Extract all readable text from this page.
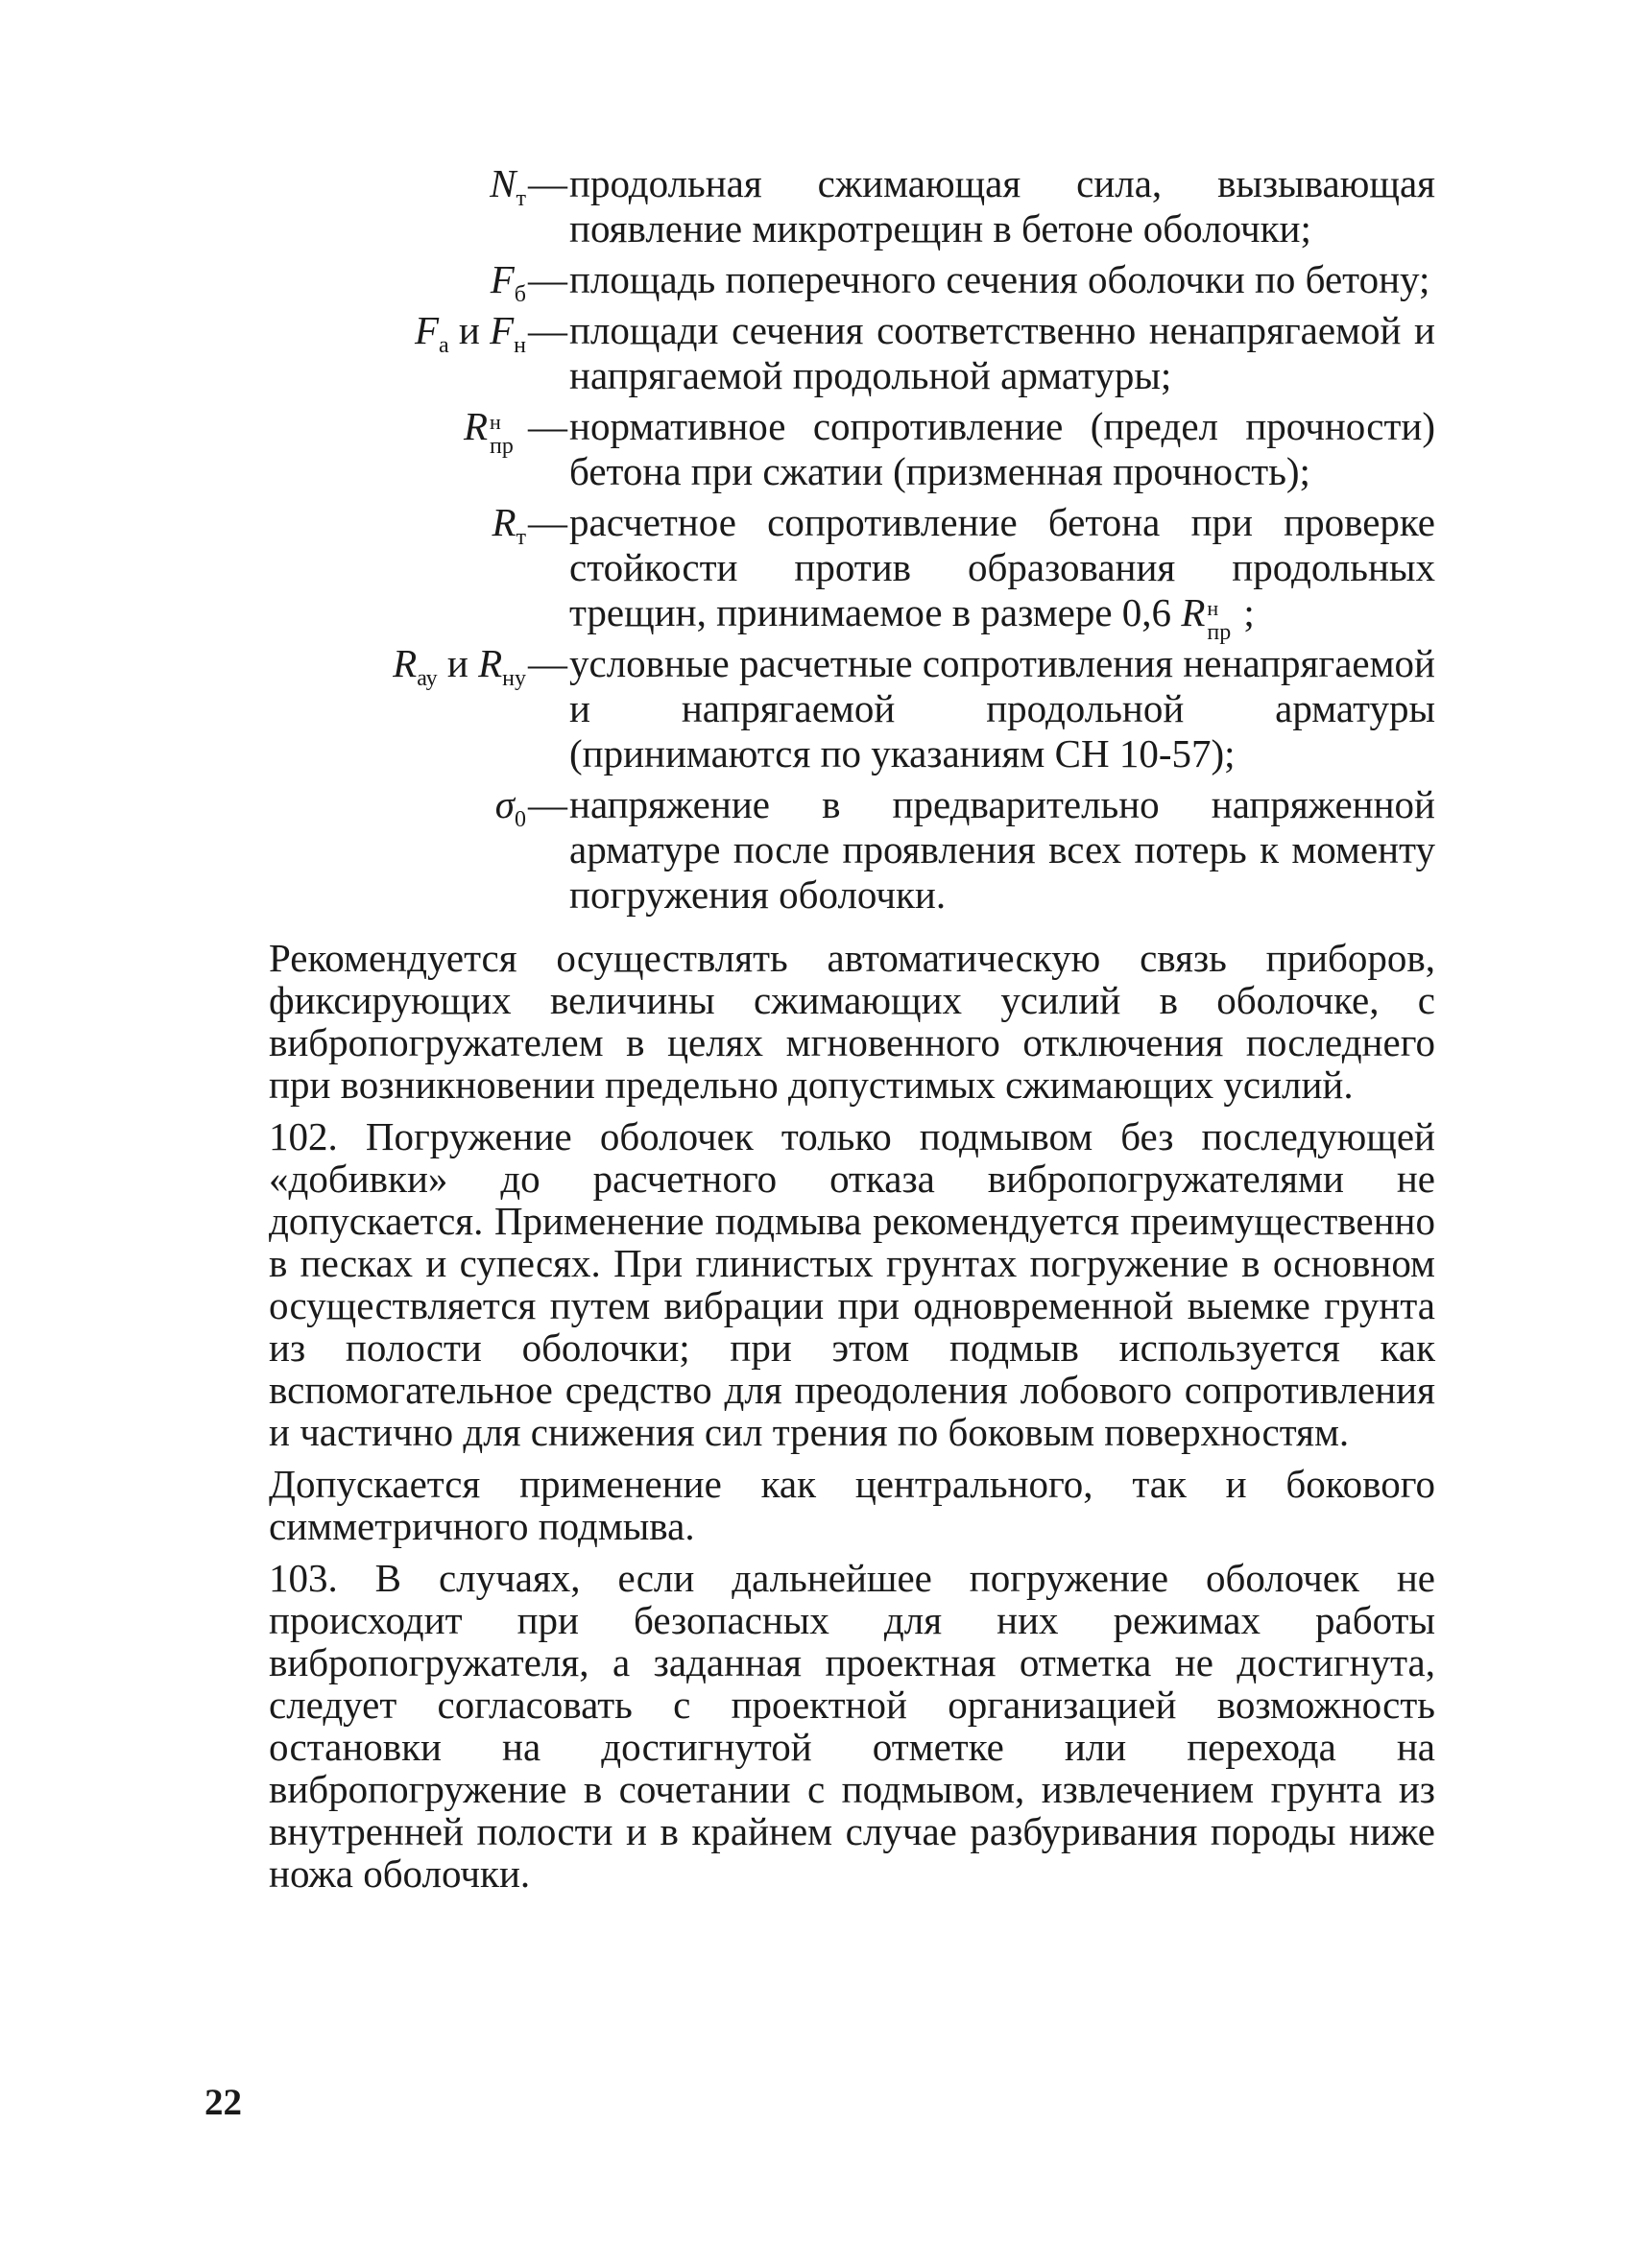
$N_т$ — продольная сжимающая сила, вызывающая появление микротрещин в бетоне оболочки;
$F_б$ — площадь поперечного сечения оболочки по бетону;
$F_а$ и $F_н$ — площади сечения соответственно ненапрягаемой и напрягаемой продольной арматуры;
R н
пр — нормативное сопротивление (предел прочности) бетона при сжатии (призменная прочность);
$R_т$ — расчетное сопротивление бетона при проверке стойкости против образования продольных трещин, принимаемое в размере 0,6 R н
пр ;
$R_{ау}$ и $R_{ну}$ — условные расчетные сопротивления ненапрягаемой и напрягаемой продольной арматуры (принимаются по указаниям СН 10-57);
$\sigma_0$ — напряжение в предварительно напряженной арматуре после проявления всех потерь к моменту погружения оболочки.

Рекомендуется осуществлять автоматическую связь приборов, фиксирующих величины сжимающих усилий в оболочке, с вибропогружателем в целях мгновенного отключения последнего при возникновении предельно допустимых сжимающих усилий.

102. Погружение оболочек только подмывом без последующей «добивки» до расчетного отказа вибропогружателями не допускается. Применение подмыва рекомендуется преимущественно в песках и супесях. При глинистых грунтах погружение в основном осуществляется путем вибрации при одновременной выемке грунта из полости оболочки; при этом подмыв используется как вспомогательное средство для преодоления лобового сопротивления и частично для снижения сил трения по боковым поверхностям.

Допускается применение как центрального, так и бокового симметричного подмыва.

103. В случаях, если дальнейшее погружение оболочек не происходит при безопасных для них режимах работы вибропогружателя, а заданная проектная отметка не достигнута, следует согласовать с проектной организацией возможность остановки на достигнутой отметке или перехода на вибропогружение в сочетании с подмывом, извлечением грунта из внутренней полости и в крайнем случае разбуривания породы ниже ножа оболочки.

22
